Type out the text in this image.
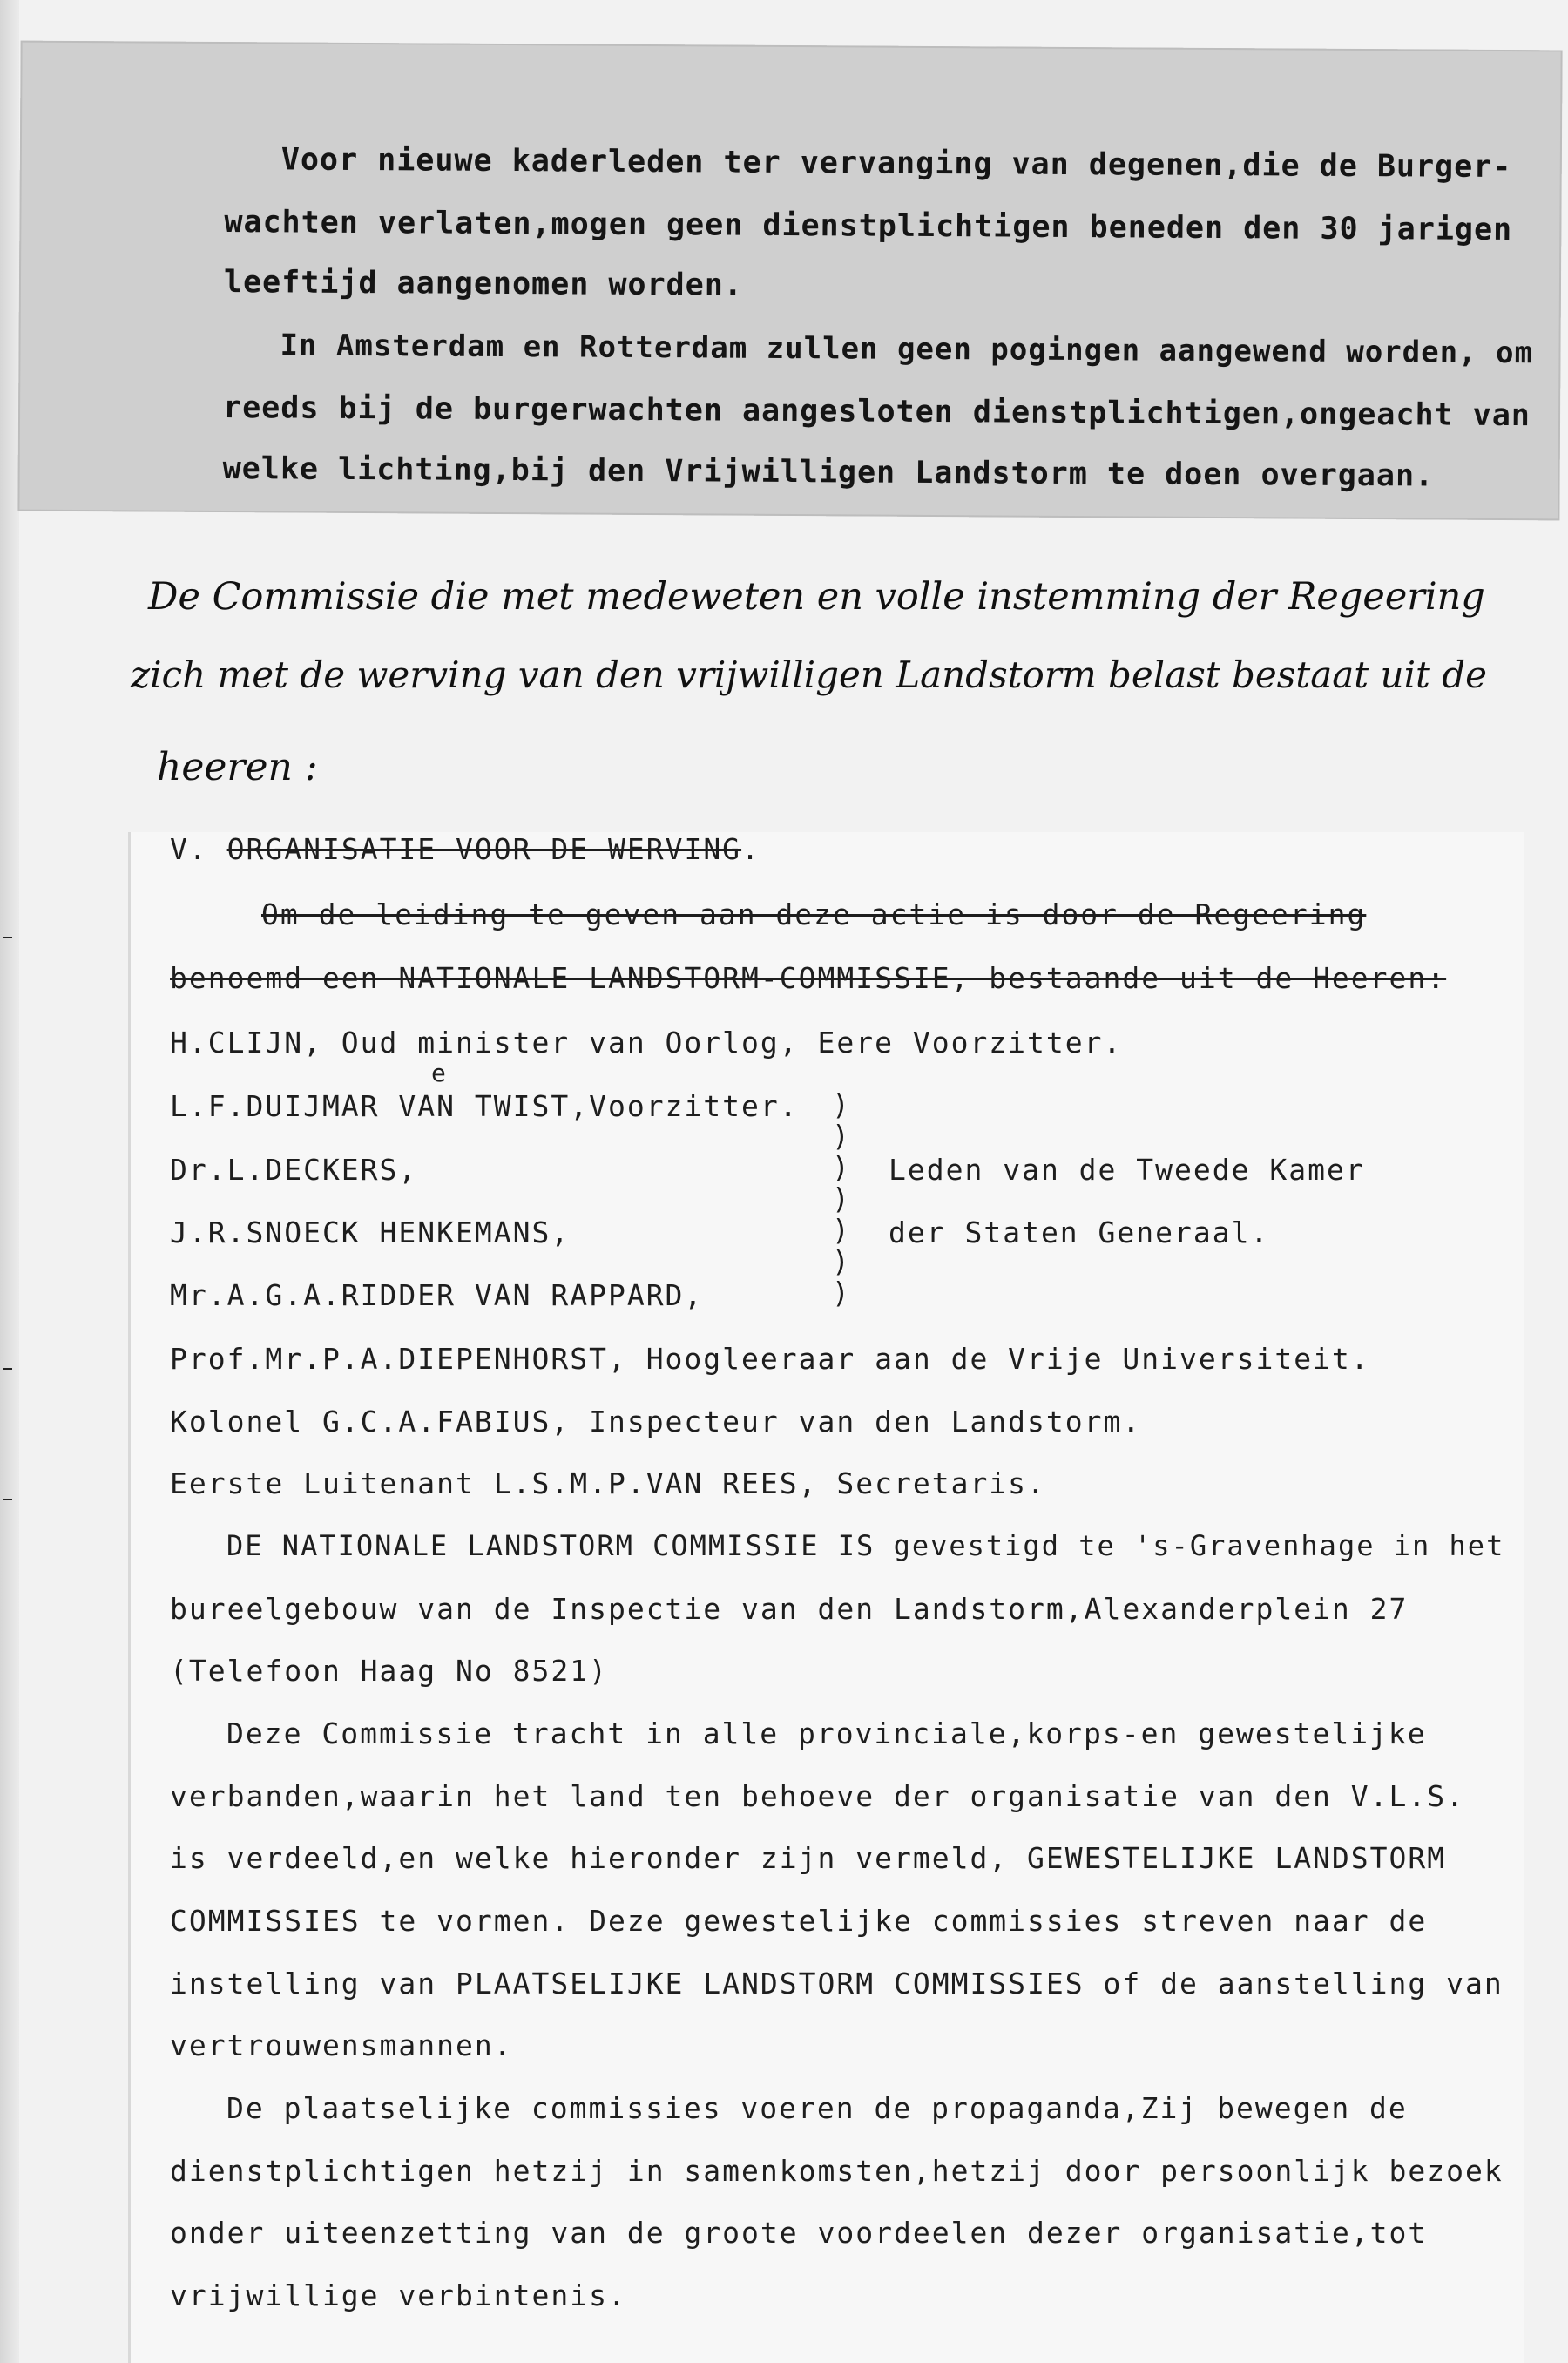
Voor nieuwe kaderleden ter vervanging van degenen,die de Burger-

wachten verlaten,mogen geen dienstplichtigen beneden den 30 jarigen

leeftijd aangenomen worden.

In Amsterdam en Rotterdam zullen geen pogingen aangewend worden, om

reeds bij de burgerwachten aangesloten dienstplichtigen,ongeacht van

welke lichting,bij den Vrijwilligen Landstorm te doen overgaan.

De Commissie die met medeweten en volle instemming der Regeering
zich met de werving van den vrijwilligen Landstorm belast bestaat uit de
heeren :
V. ORGANISATIE VOOR DE WERVING.
Om de leiding te geven aan deze actie is door de Regeering
benoemd een NATIONALE LANDSTORM-COMMISSIE, bestaande uit de Heeren:
H.CLIJN, Oud minister van Oorlog, Eere Voorzitter.
e
L.F.DUIJMAR VAN TWIST,Voorzitter.
Dr.L.DECKERS,
J.R.SNOECK HENKEMANS,
Mr.A.G.A.RIDDER VAN RAPPARD,
)
)
)
)
)
)
)
Leden van de Tweede Kamer
der Staten Generaal.
Prof.Mr.P.A.DIEPENHORST, Hoogleeraar aan de Vrije Universiteit.
Kolonel G.C.A.FABIUS, Inspecteur van den Landstorm.
Eerste Luitenant L.S.M.P.VAN REES, Secretaris.
DE NATIONALE LANDSTORM COMMISSIE IS gevestigd te 's-Gravenhage in het
bureelgebouw van de Inspectie van den Landstorm,Alexanderplein 27
(Telefoon Haag No 8521)
Deze Commissie tracht in alle provinciale,korps-en gewestelijke
verbanden,waarin het land ten behoeve der organisatie van den V.L.S.
is verdeeld,en welke hieronder zijn vermeld, GEWESTELIJKE LANDSTORM
COMMISSIES te vormen. Deze gewestelijke commissies streven naar de
instelling van PLAATSELIJKE LANDSTORM COMMISSIES of de aanstelling van
vertrouwensmannen.
De plaatselijke commissies voeren de propaganda,Zij bewegen de
dienstplichtigen hetzij in samenkomsten,hetzij door persoonlijk bezoek
onder uiteenzetting van de groote voordeelen dezer organisatie,tot
vrijwillige verbintenis.
